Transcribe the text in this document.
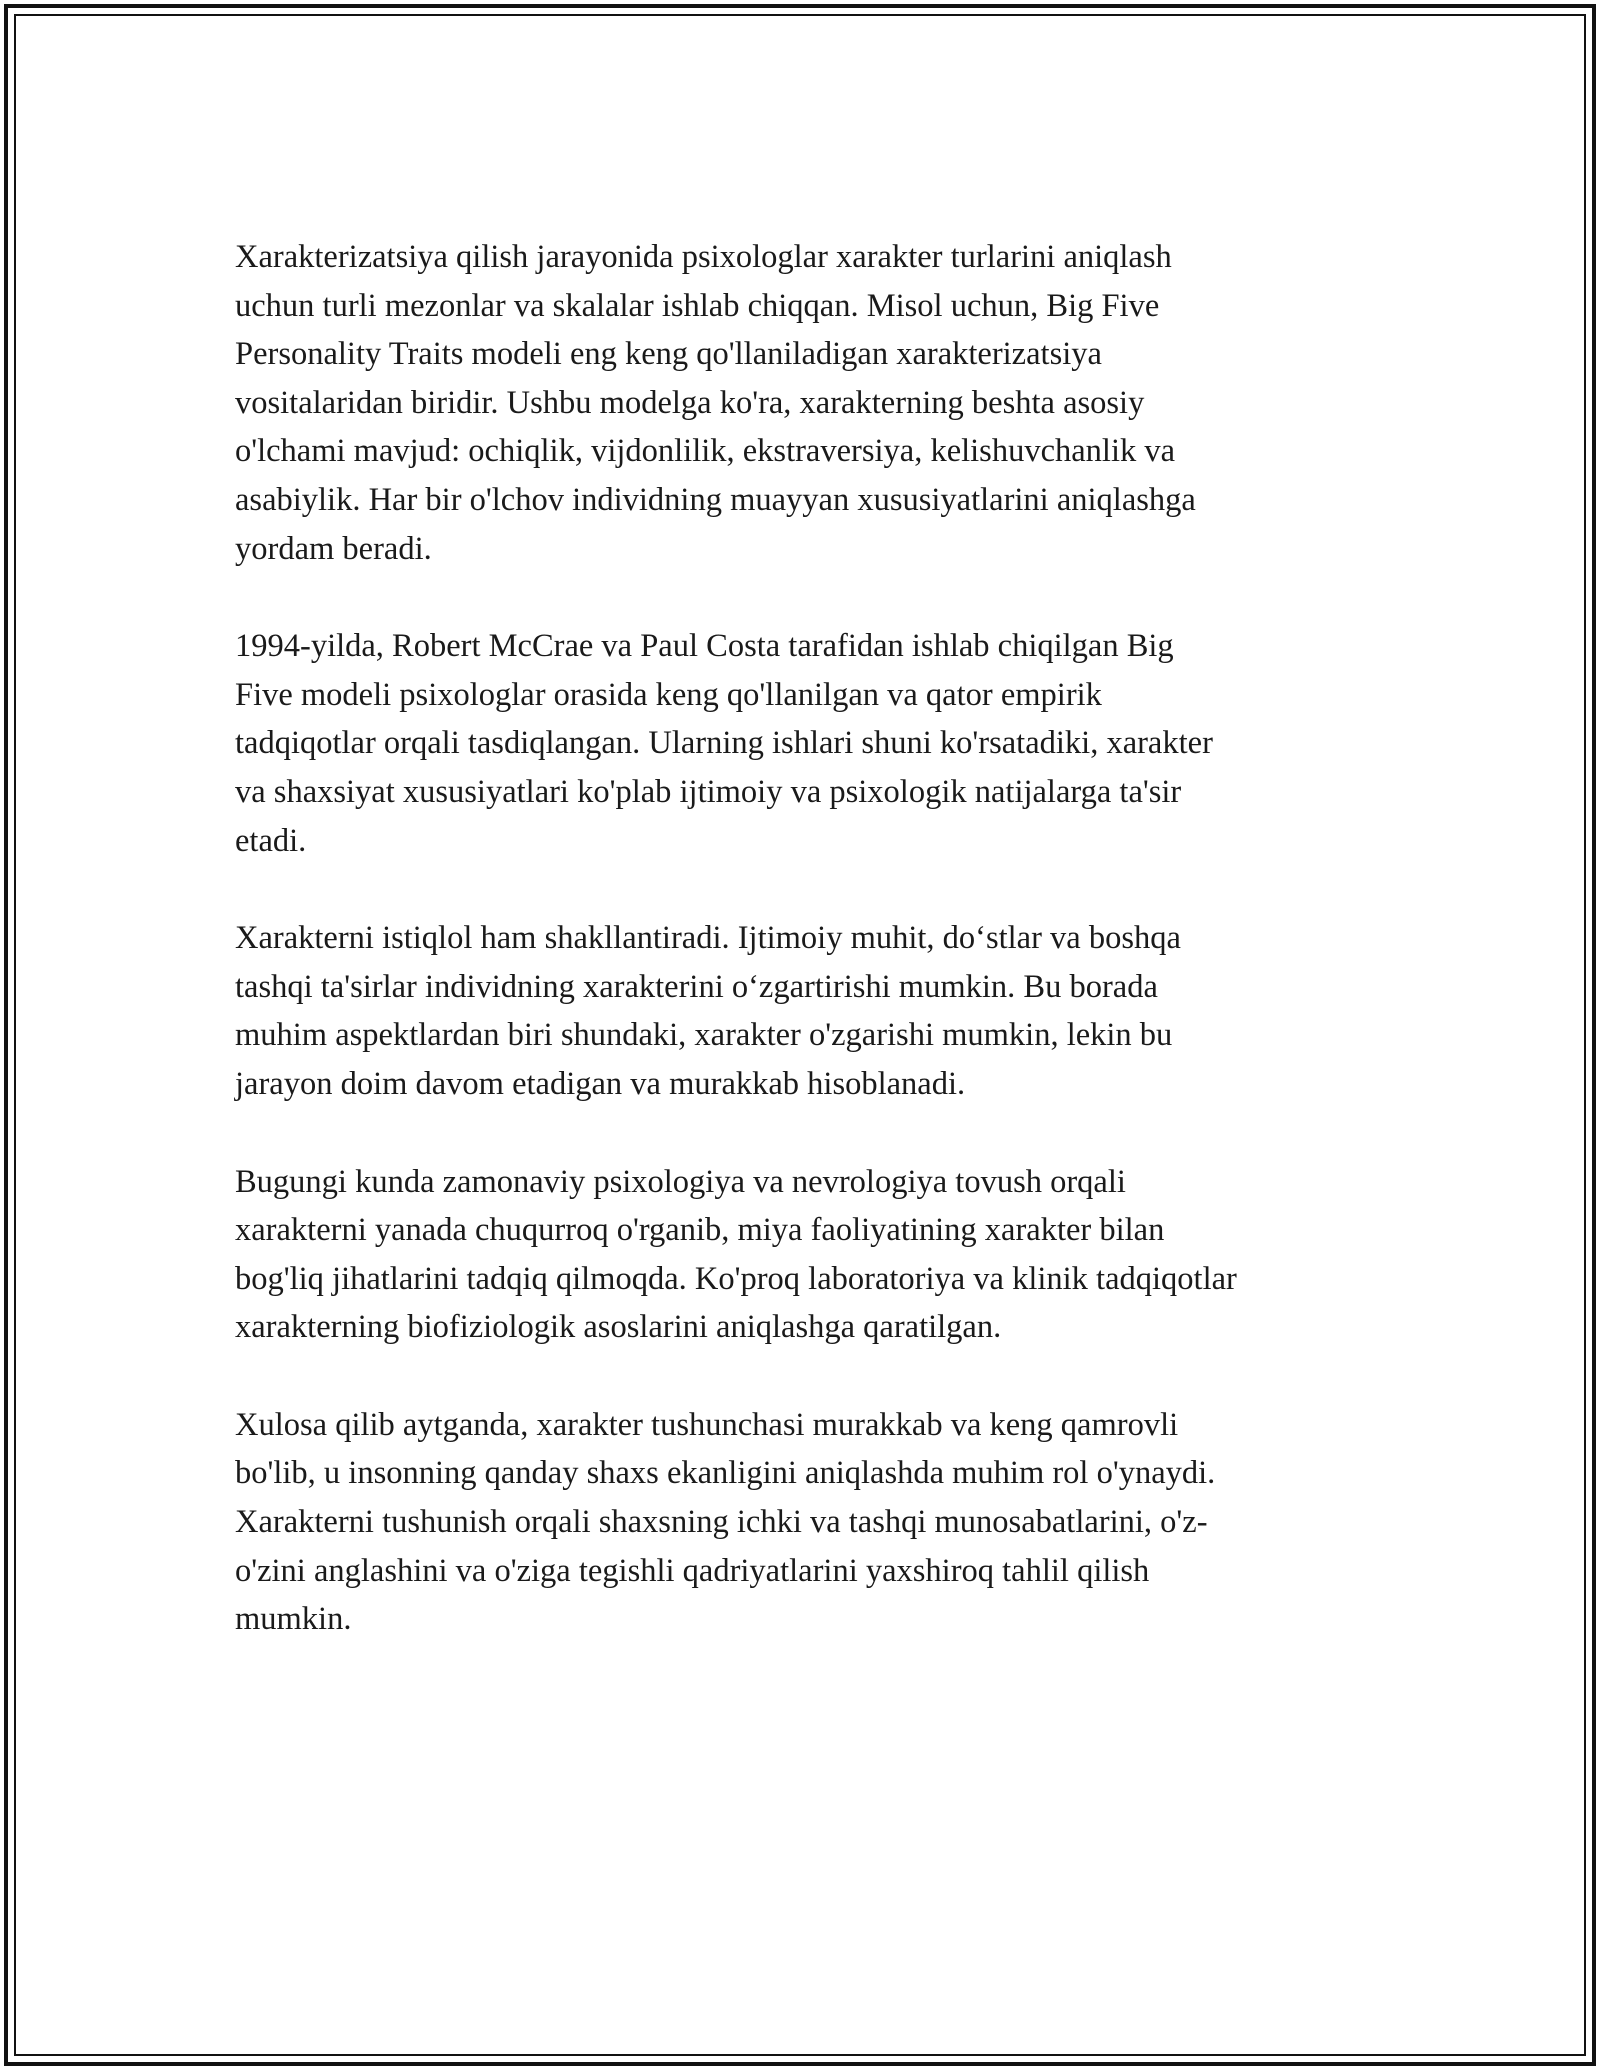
Xarakterizatsiya qilish jarayonida psixologlar xarakter turlarini aniqlash
uchun turli mezonlar va skalalar ishlab chiqqan. Misol uchun, Big Five
Personality Traits modeli eng keng qo'llaniladigan xarakterizatsiya
vositalaridan biridir. Ushbu modelga ko'ra, xarakterning beshta asosiy
o'lchami mavjud: ochiqlik, vijdonlilik, ekstraversiya, kelishuvchanlik va
asabiylik. Har bir o'lchov individning muayyan xususiyatlarini aniqlashga
yordam beradi.

1994-yilda, Robert McCrae va Paul Costa tarafidan ishlab chiqilgan Big
Five modeli psixologlar orasida keng qo'llanilgan va qator empirik
tadqiqotlar orqali tasdiqlangan. Ularning ishlari shuni ko'rsatadiki, xarakter
va shaxsiyat xususiyatlari ko'plab ijtimoiy va psixologik natijalarga ta'sir
etadi.

Xarakterni istiqlol ham shakllantiradi. Ijtimoiy muhit, do‘stlar va boshqa
tashqi ta'sirlar individning xarakterini o‘zgartirishi mumkin. Bu borada
muhim aspektlardan biri shundaki, xarakter o'zgarishi mumkin, lekin bu
jarayon doim davom etadigan va murakkab hisoblanadi.

Bugungi kunda zamonaviy psixologiya va nevrologiya tovush orqali
xarakterni yanada chuqurroq o'rganib, miya faoliyatining xarakter bilan
bog'liq jihatlarini tadqiq qilmoqda. Ko'proq laboratoriya va klinik tadqiqotlar
xarakterning biofiziologik asoslarini aniqlashga qaratilgan.

Xulosa qilib aytganda, xarakter tushunchasi murakkab va keng qamrovli
bo'lib, u insonning qanday shaxs ekanligini aniqlashda muhim rol o'ynaydi.
Xarakterni tushunish orqali shaxsning ichki va tashqi munosabatlarini, o'z-
o'zini anglashini va o'ziga tegishli qadriyatlarini yaxshiroq tahlil qilish
mumkin.
